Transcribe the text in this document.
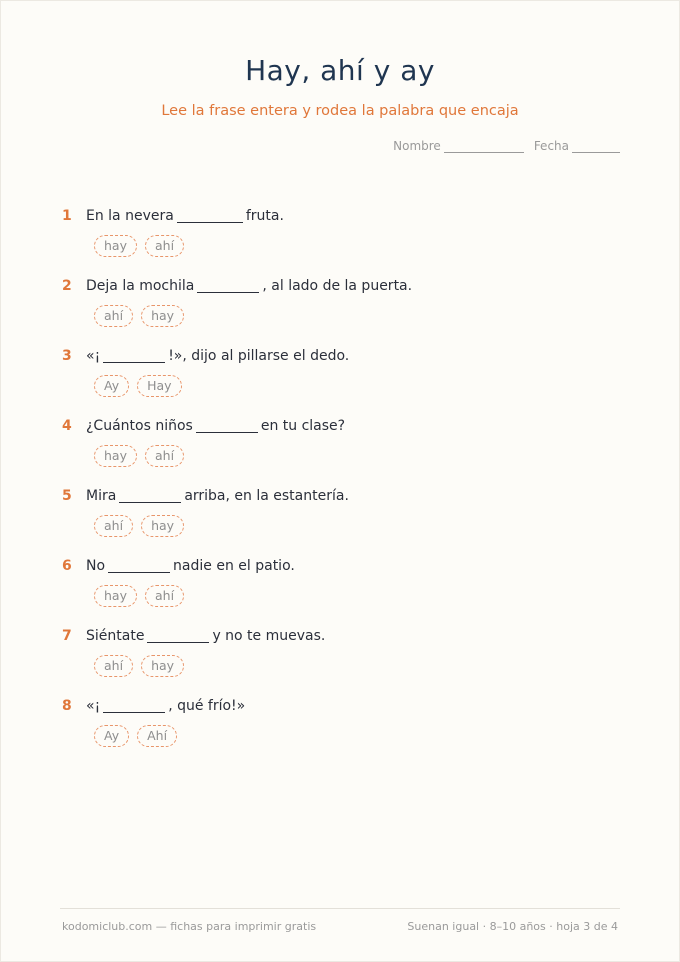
Hay, ahí y ay

Lee la frase entera y rodea la palabra que encaja

Nombre	Fecha
1	En la nevera	fruta.
hay	ahí
2	Deja la mochila	, al lado de la puerta.
ahí	hay
3	«¡	!», dijo al pillarse el dedo.
Ay	Hay
4	¿Cuántos niños	en tu clase?
hay	ahí
5	Mira	arriba, en la estantería.
ahí	hay
6	No	nadie en el patio.
hay	ahí
7	Siéntate	y no te muevas.
ahí	hay
8	«¡	, qué frío!»
Ay	Ahí
kodomiclub.com — fichas para imprimir gratis	Suenan igual · 8–10 años · hoja 3 de 4
